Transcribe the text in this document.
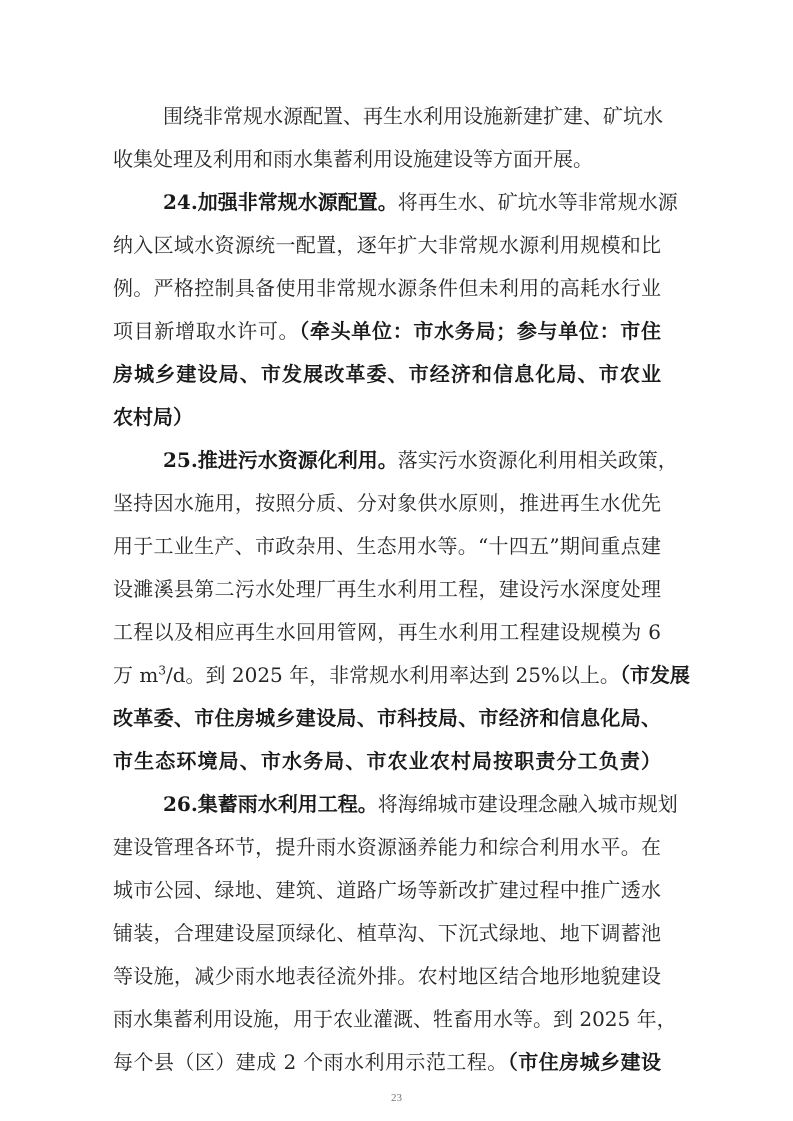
围绕非常规水源配置、再生水利用设施新建扩建、矿坑水
收集处理及利用和雨水集蓄利用设施建设等方面开展。
24.加强非常规水源配置。将再生水、矿坑水等非常规水源
纳入区域水资源统一配置，逐年扩大非常规水源利用规模和比
例。严格控制具备使用非常规水源条件但未利用的高耗水行业
项目新增取水许可。（牵头单位：市水务局；参与单位：市住
房城乡建设局、市发展改革委、市经济和信息化局、市农业
农村局）
25.推进污水资源化利用。落实污水资源化利用相关政策，
坚持因水施用，按照分质、分对象供水原则，推进再生水优先
用于工业生产、市政杂用、生态用水等。“十四五”期间重点建
设濉溪县第二污水处理厂再生水利用工程，建设污水深度处理
工程以及相应再生水回用管网，再生水利用工程建设规模为 6
万 $m^3/d$。到 2025 年，非常规水利用率达到 25%以上。（市发展
改革委、市住房城乡建设局、市科技局、市经济和信息化局、
市生态环境局、市水务局、市农业农村局按职责分工负责）
26.集蓄雨水利用工程。将海绵城市建设理念融入城市规划
建设管理各环节，提升雨水资源涵养能力和综合利用水平。在
城市公园、绿地、建筑、道路广场等新改扩建过程中推广透水
铺装，合理建设屋顶绿化、植草沟、下沉式绿地、地下调蓄池
等设施，减少雨水地表径流外排。农村地区结合地形地貌建设
雨水集蓄利用设施，用于农业灌溉、牲畜用水等。到 2025 年，
每个县（区）建成 2 个雨水利用示范工程。（市住房城乡建设
23
